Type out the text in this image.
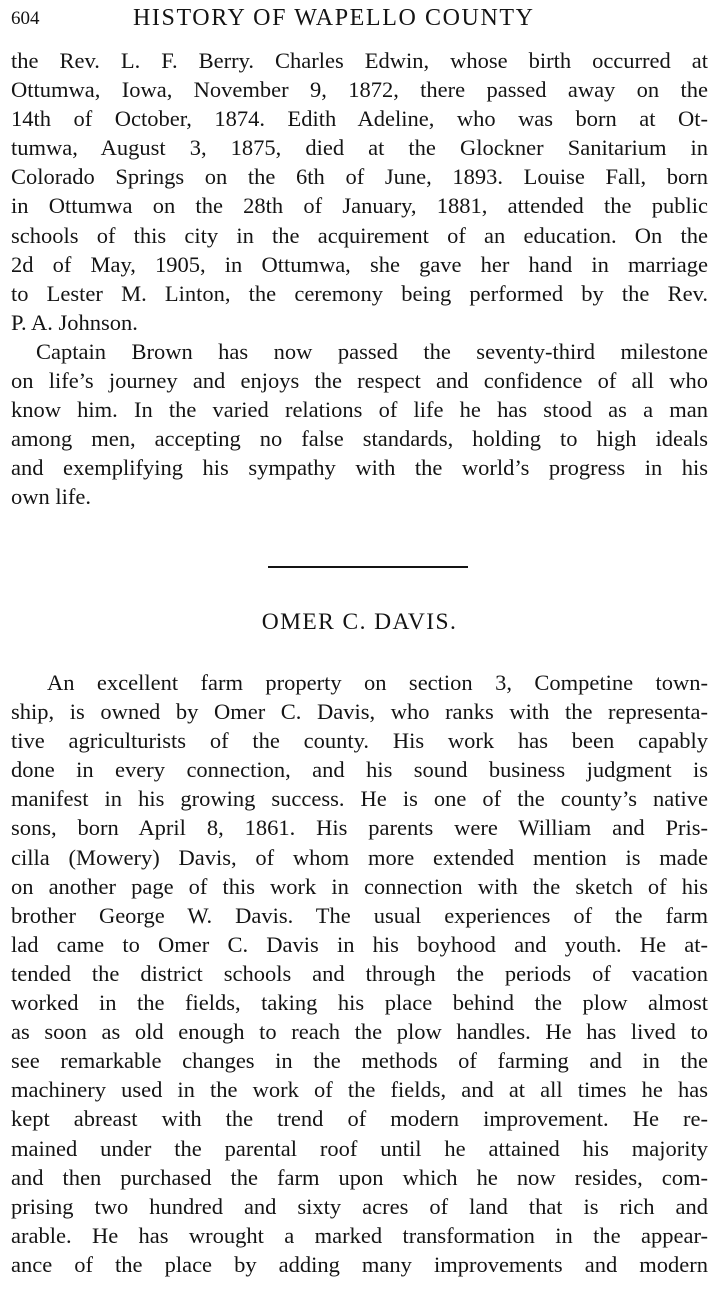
604	HISTORY OF WAPELLO COUNTY
the Rev. L. F. Berry. Charles Edwin, whose birth occurred at
Ottumwa, Iowa, November 9, 1872, there passed away on the
14th of October, 1874. Edith Adeline, who was born at Ot-
tumwa, August 3, 1875, died at the Glockner Sanitarium in
Colorado Springs on the 6th of June, 1893. Louise Fall, born
in Ottumwa on the 28th of January, 1881, attended the public
schools of this city in the acquirement of an education. On the
2d of May, 1905, in Ottumwa, she gave her hand in marriage
to Lester M. Linton, the ceremony being performed by the Rev.
P. A. Johnson.
Captain Brown has now passed the seventy-third milestone
on life’s journey and enjoys the respect and confidence of all who
know him. In the varied relations of life he has stood as a man
among men, accepting no false standards, holding to high ideals
and exemplifying his sympathy with the world’s progress in his
own life.
OMER C. DAVIS.
An excellent farm property on section 3, Competine town-
ship, is owned by Omer C. Davis, who ranks with the representa-
tive agriculturists of the county. His work has been capably
done in every connection, and his sound business judgment is
manifest in his growing success. He is one of the county’s native
sons, born April 8, 1861. His parents were William and Pris-
cilla (Mowery) Davis, of whom more extended mention is made
on another page of this work in connection with the sketch of his
brother George W. Davis. The usual experiences of the farm
lad came to Omer C. Davis in his boyhood and youth. He at-
tended the district schools and through the periods of vacation
worked in the fields, taking his place behind the plow almost
as soon as old enough to reach the plow handles. He has lived to
see remarkable changes in the methods of farming and in the
machinery used in the work of the fields, and at all times he has
kept abreast with the trend of modern improvement. He re-
mained under the parental roof until he attained his majority
and then purchased the farm upon which he now resides, com-
prising two hundred and sixty acres of land that is rich and
arable. He has wrought a marked transformation in the appear-
ance of the place by adding many improvements and modern
